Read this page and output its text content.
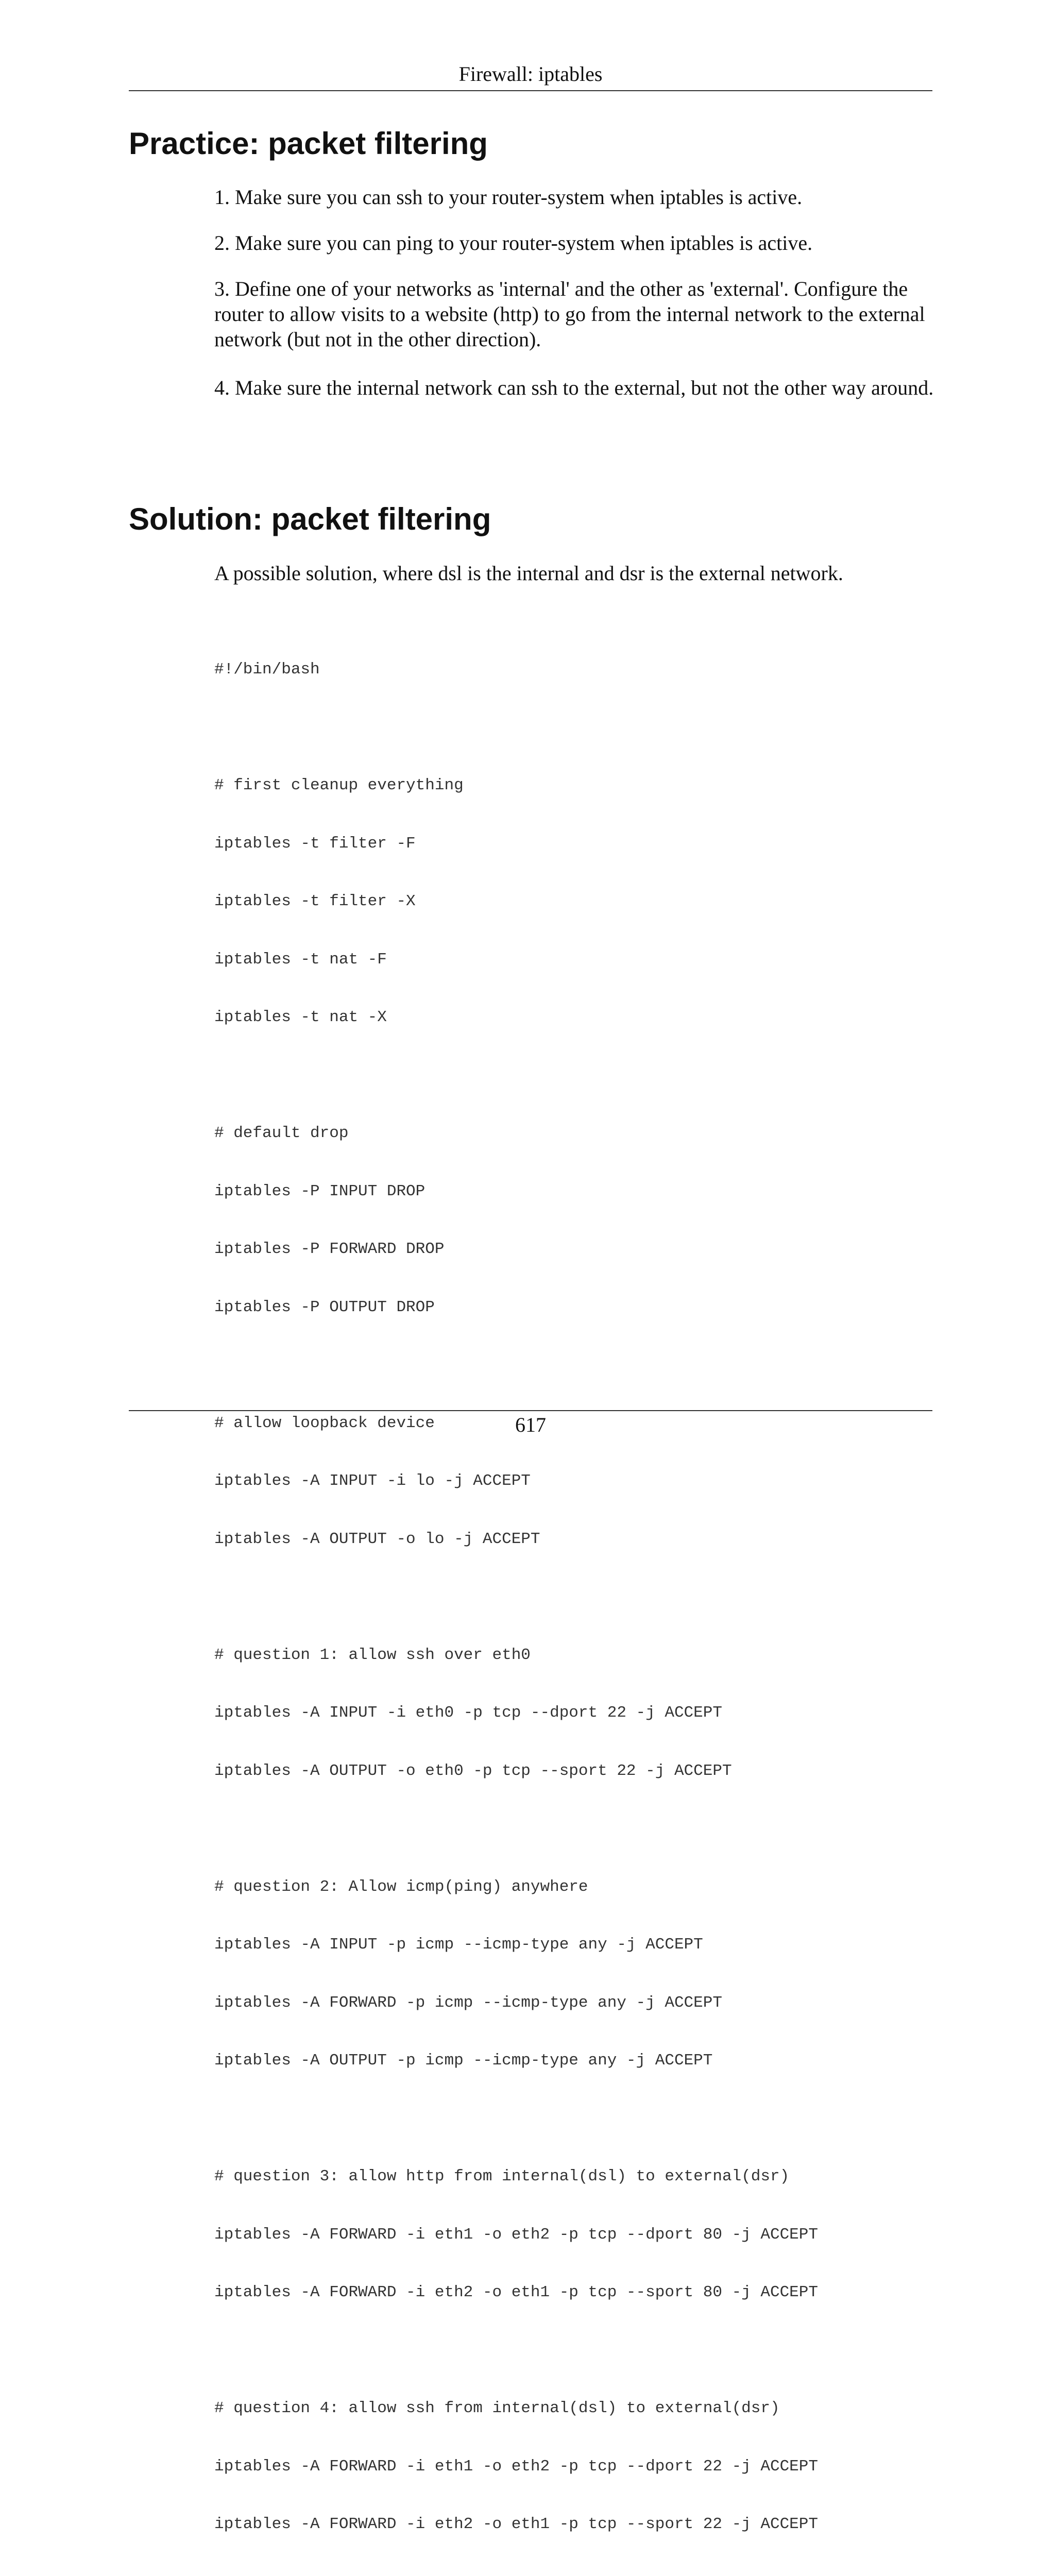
Firewall: iptables
Practice: packet filtering

1. Make sure you can ssh to your router-system when iptables is active.

2. Make sure you can ping to your router-system when iptables is active.

3. Define one of your networks as 'internal' and the other as 'external'. Configure the router to allow visits to a website (http) to go from the internal network to the external network (but not in the other direction).

4. Make sure the internal network can ssh to the external, but not the other way around.

Solution: packet filtering

A possible solution, where dsl is the internal and dsr is the external network.

#!/bin/bash

# first cleanup everything

iptables -t filter -F

iptables -t filter -X

iptables -t nat -F

iptables -t nat -X

# default drop

iptables -P INPUT DROP

iptables -P FORWARD DROP

iptables -P OUTPUT DROP

# allow loopback device

iptables -A INPUT -i lo -j ACCEPT

iptables -A OUTPUT -o lo -j ACCEPT

# question 1: allow ssh over eth0

iptables -A INPUT -i eth0 -p tcp --dport 22 -j ACCEPT

iptables -A OUTPUT -o eth0 -p tcp --sport 22 -j ACCEPT

# question 2: Allow icmp(ping) anywhere

iptables -A INPUT -p icmp --icmp-type any -j ACCEPT

iptables -A FORWARD -p icmp --icmp-type any -j ACCEPT

iptables -A OUTPUT -p icmp --icmp-type any -j ACCEPT

# question 3: allow http from internal(dsl) to external(dsr)

iptables -A FORWARD -i eth1 -o eth2 -p tcp --dport 80 -j ACCEPT

iptables -A FORWARD -i eth2 -o eth1 -p tcp --sport 80 -j ACCEPT

# question 4: allow ssh from internal(dsl) to external(dsr)

iptables -A FORWARD -i eth1 -o eth2 -p tcp --dport 22 -j ACCEPT

iptables -A FORWARD -i eth2 -o eth1 -p tcp --sport 22 -j ACCEPT

617
